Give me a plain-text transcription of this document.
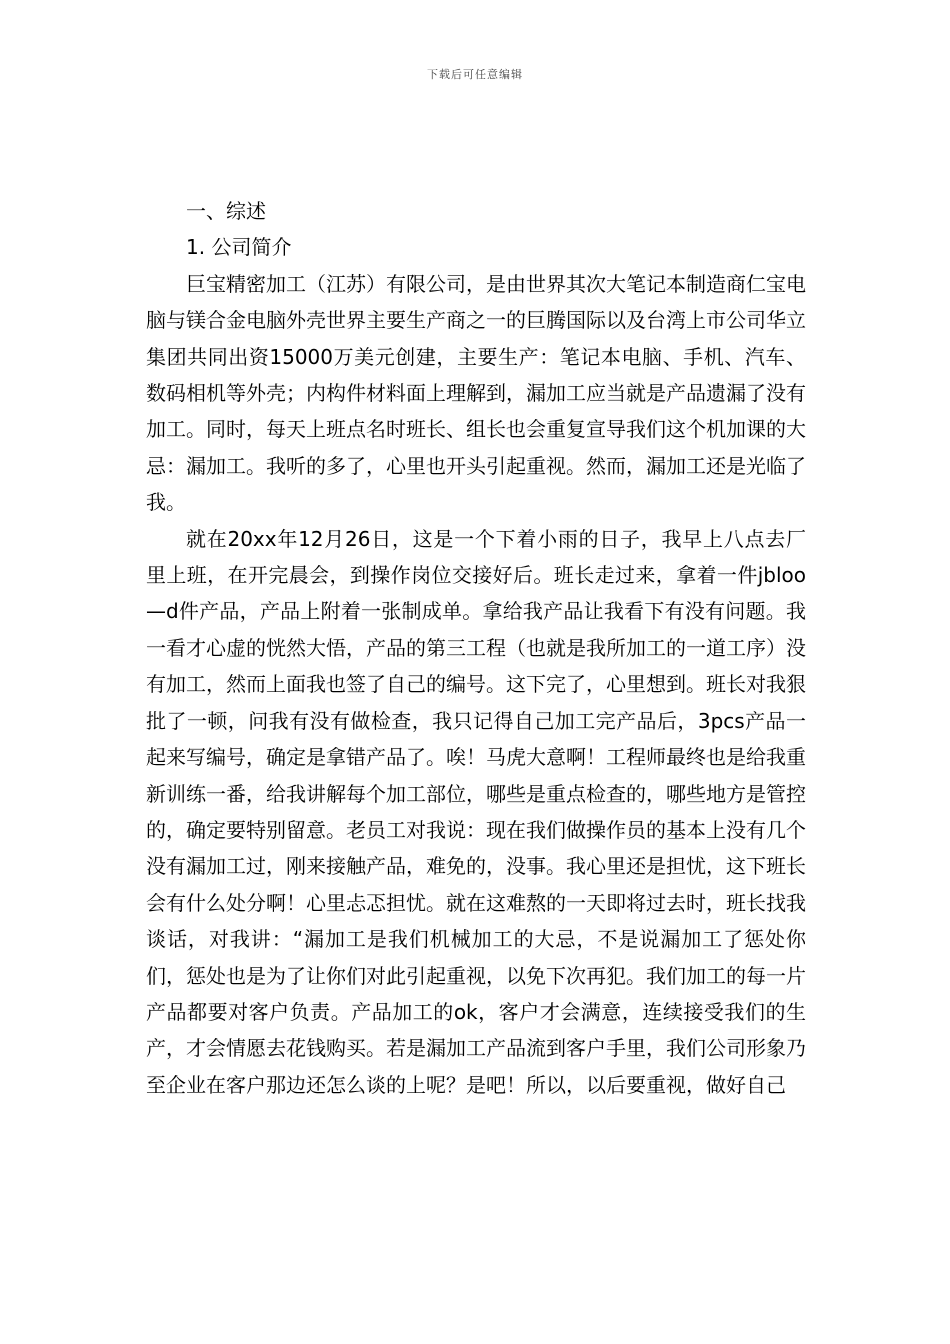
下载后可任意编辑
一、综述
1. 公司简介

巨宝精密加工（江苏）有限公司，是由世界其次大笔记本制造商仁宝电脑与镁合金电脑外壳世界主要生产商之一的巨腾国际以及台湾上市公司华立集团共同出资15000万美元创建，主要生产：笔记本电脑、手机、汽车、数码相机等外壳；内构件材料面上理解到，漏加工应当就是产品遗漏了没有加工。同时，每天上班点名时班长、组长也会重复宣导我们这个机加课的大忌：漏加工。我听的多了，心里也开头引起重视。然而，漏加工还是光临了我。

就在20xx年12月26日，这是一个下着小雨的日子，我早上八点去厂里上班，在开完晨会，到操作岗位交接好后。班长走过来，拿着一件jbloo—d件产品，产品上附着一张制成单。拿给我产品让我看下有没有问题。我一看才心虚的恍然大悟，产品的第三工程（也就是我所加工的一道工序）没有加工，然而上面我也签了自己的编号。这下完了，心里想到。班长对我狠批了一顿，问我有没有做检查，我只记得自己加工完产品后，3pcs产品一起来写编号，确定是拿错产品了。唉！马虎大意啊！工程师最终也是给我重新训练一番，给我讲解每个加工部位，哪些是重点检查的，哪些地方是管控的，确定要特别留意。老员工对我说：现在我们做操作员的基本上没有几个没有漏加工过，刚来接触产品，难免的，没事。我心里还是担忧，这下班长会有什么处分啊！心里忐忑担忧。就在这难熬的一天即将过去时，班长找我谈话，对我讲：“漏加工是我们机械加工的大忌，不是说漏加工了惩处你们，惩处也是为了让你们对此引起重视，以免下次再犯。我们加工的每一片产品都要对客户负责。产品加工的ok，客户才会满意，连续接受我们的生产，才会情愿去花钱购买。若是漏加工产品流到客户手里，我们公司形象乃至企业在客户那边还怎么谈的上呢？是吧！所以，以后要重视，做好自己
